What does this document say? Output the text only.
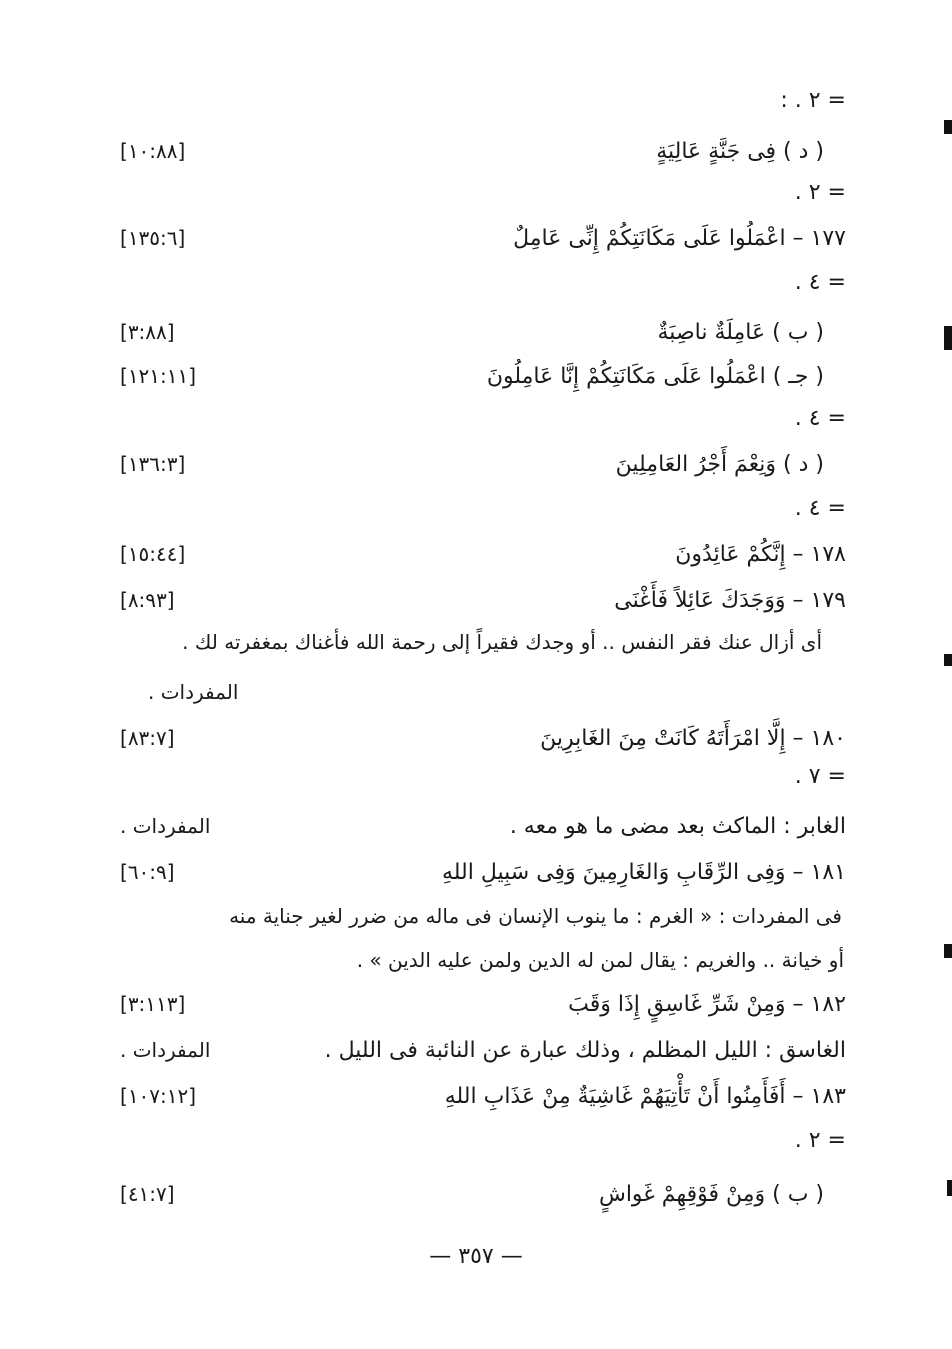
= ٢ . :
( د ) فِى جَنَّةٍ عَالِيَةٍ
[١٠:٨٨]
= ٢ .
١٧٧ – اعْمَلُوا عَلَى مَكَانَتِكُمْ إِنِّى عَامِلٌ
[١٣٥:٦]
= ٤ .
( ب ) عَامِلَةٌ ناصِبَةٌ
[٣:٨٨]
( جـ ) اعْمَلُوا عَلَى مَكَانَتِكُمْ إِنَّا عَامِلُونَ
[١٢١:١١]
= ٤ .
( د ) وَنِعْمَ أَجْرُ العَامِلِينَ
[١٣٦:٣]
= ٤ .
١٧٨ – إِنَّكُمْ عَائِدُونَ
[١٥:٤٤]
١٧٩ – وَوَجَدَكَ عَائِلاً فَأَغْنَى
[٨:٩٣]
أى أزال عنك فقر النفس .. أو وجدك فقيراً إلى رحمة الله فأغناك بمغفرته لك .
المفردات .
١٨٠ – إِلَّا امْرَأَتَهُ كَانَتْ مِنَ الغَابِرِينَ
[٨٣:٧]
= ٧ .
الغابر : الماكث بعد مضى ما هو معه .
المفردات .
١٨١ – وَفِى الرِّقَابِ وَالغَارِمِينَ وَفِى سَبِيلِ اللهِ
[٦٠:٩]
فى المفردات : « الغرم : ما ينوب الإنسان فى ماله من ضرر لغير جناية منه
أو خيانة .. والغريم : يقال لمن له الدين ولمن عليه الدين » .
١٨٢ – وَمِنْ شَرِّ غَاسِقٍ إِذَا وَقَبَ
[٣:١١٣]
الغاسق : الليل المظلم ، وذلك عبارة عن النائبة فى الليل .
المفردات .
١٨٣ – أَفَأَمِنُوا أَنْ تَأْتِيَهُمْ غَاشِيَةٌ مِنْ عَذَابِ اللهِ
[١٠٧:١٢]
= ٢ .
( ب ) وَمِنْ فَوْقِهِمْ غَواشٍ
[٤١:٧]
— ٣٥٧ —
